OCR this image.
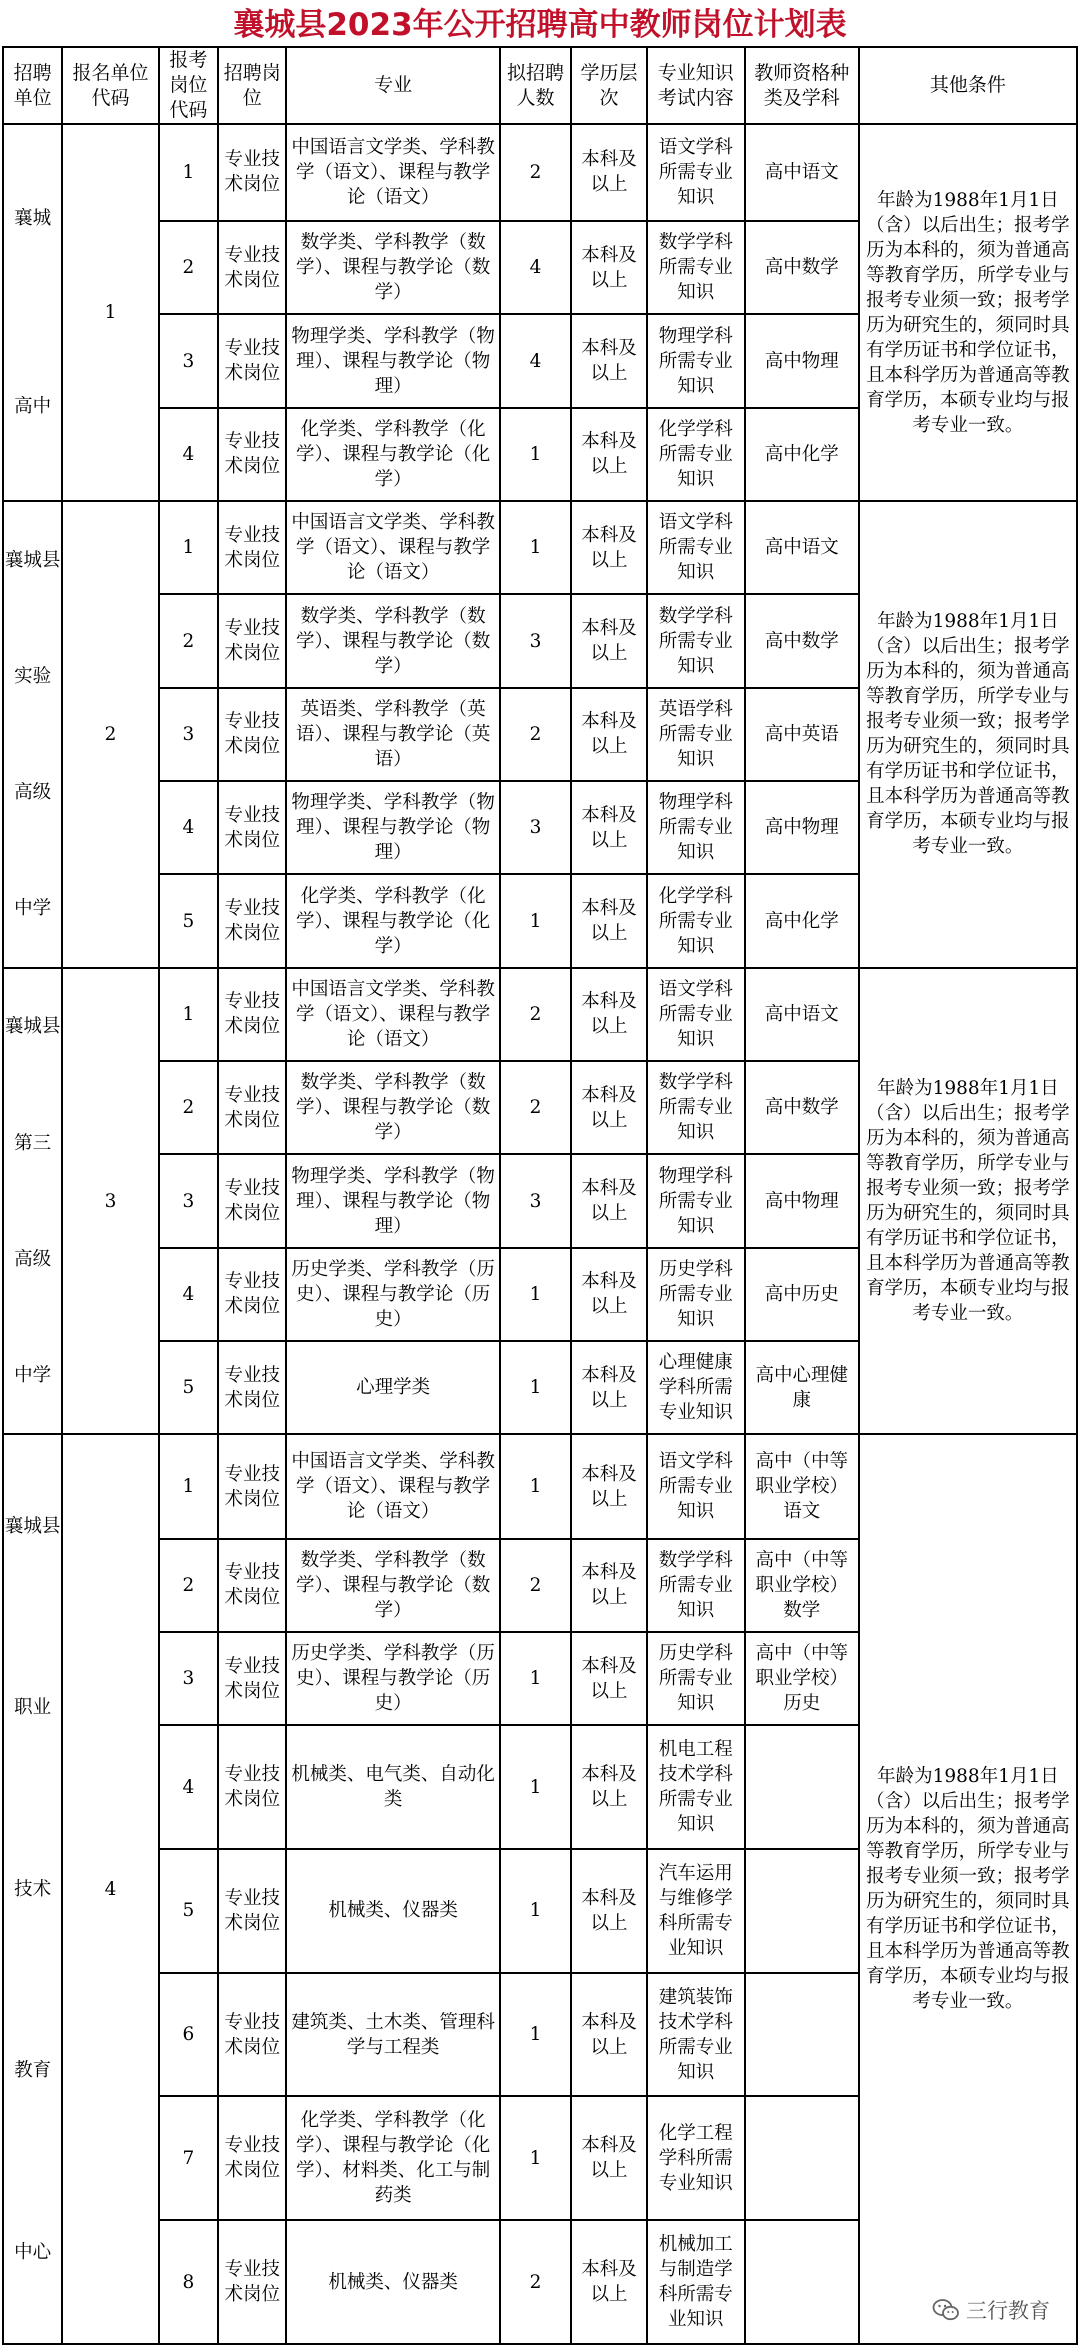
襄城县2023年公开招聘高中教师岗位计划表
招聘单位	报名单位代码	报考岗位代码	招聘岗位	专业	拟招聘人数	学历层次	专业知识考试内容	教师资格种类及学科	其他条件

襄城
高中	1	1	专业技术岗位	中国语言文学类、学科教学（语文）、课程与教学论（语文）	2	本科及以上	语文学科所需专业知识	高中语文	年龄为1988年1月1日（含）以后出生；报考学历为本科的，须为普通高等教育学历，所学专业与报考专业须一致；报考学历为研究生的，须同时具有学历证书和学位证书，且本科学历为普通高等教育学历，本硕专业均与报考专业一致。
		2	专业技术岗位	数学类、学科教学（数学）、课程与教学论（数学）	4	本科及以上	数学学科所需专业知识	高中数学	
		3	专业技术岗位	物理学类、学科教学（物理）、课程与教学论（物理）	4	本科及以上	物理学科所需专业知识	高中物理	
		4	专业技术岗位	化学类、学科教学（化学）、课程与教学论（化学）	1	本科及以上	化学学科所需专业知识	高中化学	

襄城县
实验
高级
中学	2	1	专业技术岗位	中国语言文学类、学科教学（语文）、课程与教学论（语文）	1	本科及以上	语文学科所需专业知识	高中语文	年龄为1988年1月1日（含）以后出生；报考学历为本科的，须为普通高等教育学历，所学专业与报考专业须一致；报考学历为研究生的，须同时具有学历证书和学位证书，且本科学历为普通高等教育学历，本硕专业均与报考专业一致。
		2	专业技术岗位	数学类、学科教学（数学）、课程与教学论（数学）	3	本科及以上	数学学科所需专业知识	高中数学	
		3	专业技术岗位	英语类、学科教学（英语）、课程与教学论（英语）	2	本科及以上	英语学科所需专业知识	高中英语	
		4	专业技术岗位	物理学类、学科教学（物理）、课程与教学论（物理）	3	本科及以上	物理学科所需专业知识	高中物理	
		5	专业技术岗位	化学类、学科教学（化学）、课程与教学论（化学）	1	本科及以上	化学学科所需专业知识	高中化学	

襄城县
第三
高级
中学	3	1	专业技术岗位	中国语言文学类、学科教学（语文）、课程与教学论（语文）	2	本科及以上	语文学科所需专业知识	高中语文	年龄为1988年1月1日（含）以后出生；报考学历为本科的，须为普通高等教育学历，所学专业与报考专业须一致；报考学历为研究生的，须同时具有学历证书和学位证书，且本科学历为普通高等教育学历，本硕专业均与报考专业一致。
		2	专业技术岗位	数学类、学科教学（数学）、课程与教学论（数学）	2	本科及以上	数学学科所需专业知识	高中数学	
		3	专业技术岗位	物理学类、学科教学（物理）、课程与教学论（物理）	3	本科及以上	物理学科所需专业知识	高中物理	
		4	专业技术岗位	历史学类、学科教学（历史）、课程与教学论（历史）	1	本科及以上	历史学科所需专业知识	高中历史	
		5	专业技术岗位	心理学类	1	本科及以上	心理健康学科所需专业知识	高中心理健康	

襄城县
职业
技术
教育
中心	4	1	专业技术岗位	中国语言文学类、学科教学（语文）、课程与教学论（语文）	1	本科及以上	语文学科所需专业知识	高中（中等职业学校）语文	年龄为1988年1月1日（含）以后出生；报考学历为本科的，须为普通高等教育学历，所学专业与报考专业须一致；报考学历为研究生的，须同时具有学历证书和学位证书，且本科学历为普通高等教育学历，本硕专业均与报考专业一致。
		2	专业技术岗位	数学类、学科教学（数学）、课程与教学论（数学）	2	本科及以上	数学学科所需专业知识	高中（中等职业学校）数学	
		3	专业技术岗位	历史学类、学科教学（历史）、课程与教学论（历史）	1	本科及以上	历史学科所需专业知识	高中（中等职业学校）历史	
		4	专业技术岗位	机械类、电气类、自动化类	1	本科及以上	机电工程技术学科所需专业知识		
		5	专业技术岗位	机械类、仪器类	1	本科及以上	汽车运用与维修学科所需专业知识		
		6	专业技术岗位	建筑类、土木类、管理科学与工程类	1	本科及以上	建筑装饰技术学科所需专业知识		
		7	专业技术岗位	化学类、学科教学（化学）、课程与教学论（化学）、材料类、化工与制药类	1	本科及以上	化学工程学科所需专业知识		
		8	专业技术岗位	机械类、仪器类	2	本科及以上	机械加工与制造学科所需专业知识			三行教育
